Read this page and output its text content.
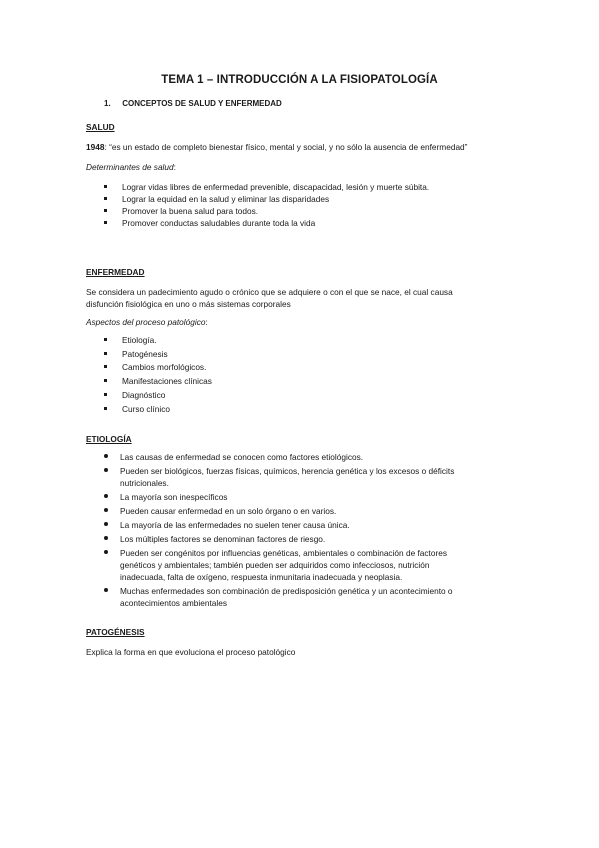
TEMA 1 – INTRODUCCIÓN A LA FISIOPATOLOGÍA
1. CONCEPTOS DE SALUD Y ENFERMEDAD
SALUD

1948: “es un estado de completo bienestar físico, mental y social, y no sólo la ausencia de enfermedad”

Determinantes de salud:

Lograr vidas libres de enfermedad prevenible, discapacidad, lesión y muerte súbita.
Lograr la equidad en la salud y eliminar las disparidades
Promover la buena salud para todos.
Promover conductas saludables durante toda la vida
ENFERMEDAD

Se considera un padecimiento agudo o crónico que se adquiere o con el que se nace, el cual causa
disfunción fisiológica en uno o más sistemas corporales

Aspectos del proceso patológico:

Etiología.
Patogénesis
Cambios morfológicos.
Manifestaciones clínicas
Diagnóstico
Curso clínico
ETIOLOGÍA
Las causas de enfermedad se conocen como factores etiológicos.
Pueden ser biológicos, fuerzas físicas, químicos, herencia genética y los excesos o déficits
nutricionales.
La mayoría son inespecíficos
Pueden causar enfermedad en un solo órgano o en varios.
La mayoría de las enfermedades no suelen tener causa única.
Los múltiples factores se denominan factores de riesgo.
Pueden ser congénitos por influencias genéticas, ambientales o combinación de factores
genéticos y ambientales; también pueden ser adquiridos como infecciosos, nutrición
inadecuada, falta de oxígeno, respuesta inmunitaria inadecuada y neoplasia.
Muchas enfermedades son combinación de predisposición genética y un acontecimiento o
acontecimientos ambientales
PATOGÉNESIS

Explica la forma en que evoluciona el proceso patológico
